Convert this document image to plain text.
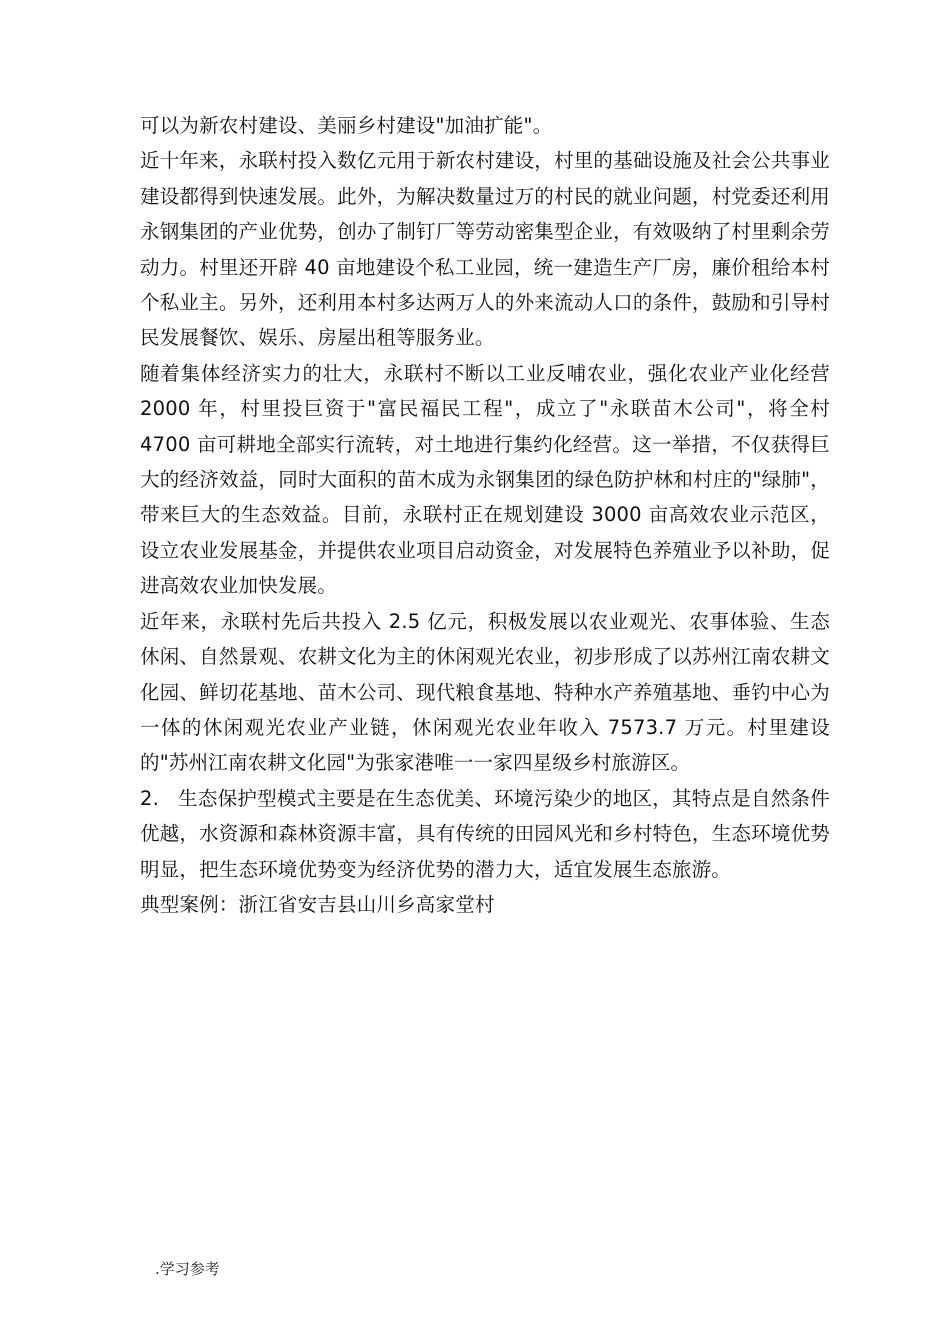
可以为新农村建设、美丽乡村建设"加油扩能"。

近十年来，永联村投入数亿元用于新农村建设，村里的基础设施及社会公共事业建设都得到快速发展。此外，为解决数量过万的村民的就业问题，村党委还利用永钢集团的产业优势，创办了制钉厂等劳动密集型企业，有效吸纳了村里剩余劳动力。村里还开辟 40 亩地建设个私工业园，统一建造生产厂房，廉价租给本村个私业主。另外，还利用本村多达两万人的外来流动人口的条件，鼓励和引导村民发展餐饮、娱乐、房屋出租等服务业。

随着集体经济实力的壮大，永联村不断以工业反哺农业，强化农业产业化经营 2000 年，村里投巨资于"富民福民工程"，成立了"永联苗木公司"，将全村 4700 亩可耕地全部实行流转，对土地进行集约化经营。这一举措，不仅获得巨大的经济效益，同时大面积的苗木成为永钢集团的绿色防护林和村庄的"绿肺"，带来巨大的生态效益。目前，永联村正在规划建设 3000 亩高效农业示范区，设立农业发展基金，并提供农业项目启动资金，对发展特色养殖业予以补助，促进高效农业加快发展。

近年来，永联村先后共投入 2.5 亿元，积极发展以农业观光、农事体验、生态休闲、自然景观、农耕文化为主的休闲观光农业，初步形成了以苏州江南农耕文化园、鲜切花基地、苗木公司、现代粮食基地、特种水产养殖基地、垂钓中心为一体的休闲观光农业产业链，休闲观光农业年收入 7573.7 万元。村里建设的"苏州江南农耕文化园"为张家港唯一一家四星级乡村旅游区。

2. 生态保护型模式主要是在生态优美、环境污染少的地区，其特点是自然条件优越，水资源和森林资源丰富，具有传统的田园风光和乡村特色，生态环境优势明显，把生态环境优势变为经济优势的潜力大，适宜发展生态旅游。

典型案例：浙江省安吉县山川乡高家堂村

.学习参考
